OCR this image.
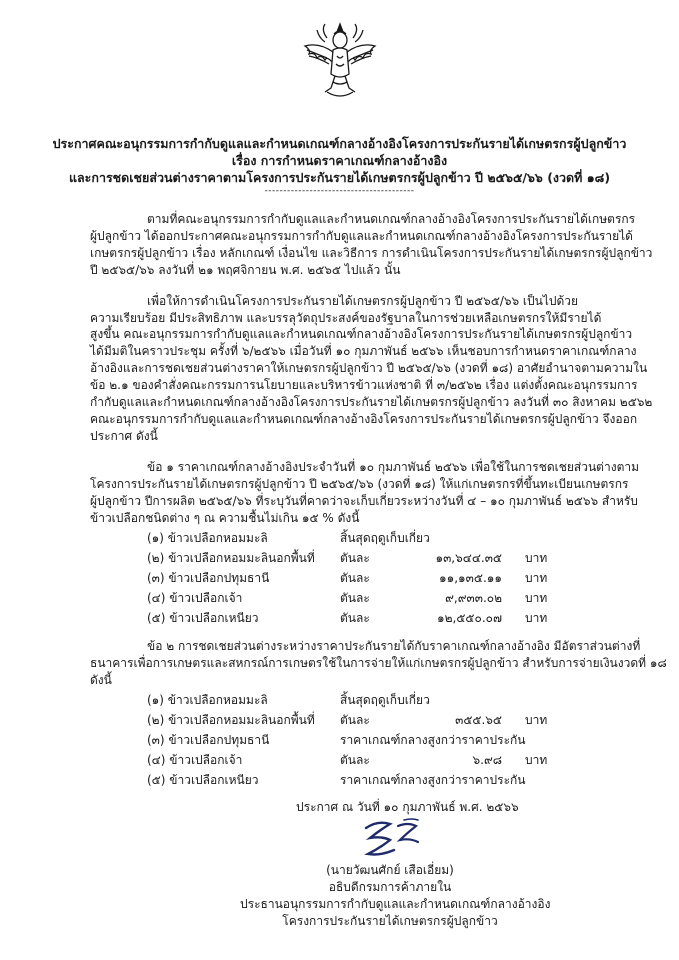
ประกาศคณะอนุกรรมการกำกับดูแลและกำหนดเกณฑ์กลางอ้างอิงโครงการประกันรายได้เกษตรกรผู้ปลูกข้าว
เรื่อง การกำหนดราคาเกณฑ์กลางอ้างอิง
และการชดเชยส่วนต่างราคาตามโครงการประกันรายได้เกษตรกรผู้ปลูกข้าว ปี ๒๕๖๕/๖๖ (งวดที่ ๑๘)
----------------------------------------
ตามที่คณะอนุกรรมการกำกับดูแลและกำหนดเกณฑ์กลางอ้างอิงโครงการประกันรายได้เกษตรกร
ผู้ปลูกข้าว ได้ออกประกาศคณะอนุกรรมการกำกับดูแลและกำหนดเกณฑ์กลางอ้างอิงโครงการประกันรายได้
เกษตรกรผู้ปลูกข้าว เรื่อง หลักเกณฑ์ เงื่อนไข และวิธีการ การดำเนินโครงการประกันรายได้เกษตรกรผู้ปลูกข้าว
ปี ๒๕๖๕/๖๖ ลงวันที่ ๒๑ พฤศจิกายน พ.ศ. ๒๕๖๕ ไปแล้ว นั้น
เพื่อให้การดำเนินโครงการประกันรายได้เกษตรกรผู้ปลูกข้าว ปี ๒๕๖๕/๖๖ เป็นไปด้วย
ความเรียบร้อย มีประสิทธิภาพ และบรรลุวัตถุประสงค์ของรัฐบาลในการช่วยเหลือเกษตรกรให้มีรายได้
สูงขึ้น คณะอนุกรรมการกำกับดูแลและกำหนดเกณฑ์กลางอ้างอิงโครงการประกันรายได้เกษตรกรผู้ปลูกข้าว
ได้มีมติในคราวประชุม ครั้งที่ ๖/๒๕๖๖ เมื่อวันที่ ๑๐ กุมภาพันธ์ ๒๕๖๖ เห็นชอบการกำหนดราคาเกณฑ์กลาง
อ้างอิงและการชดเชยส่วนต่างราคาให้เกษตรกรผู้ปลูกข้าว ปี ๒๕๖๕/๖๖ (งวดที่ ๑๘) อาศัยอำนาจตามความใน
ข้อ ๒.๑ ของคำสั่งคณะกรรมการนโยบายและบริหารข้าวแห่งชาติ ที่ ๓/๒๕๖๒ เรื่อง แต่งตั้งคณะอนุกรรมการ
กำกับดูแลและกำหนดเกณฑ์กลางอ้างอิงโครงการประกันรายได้เกษตรกรผู้ปลูกข้าว ลงวันที่ ๓๐ สิงหาคม ๒๕๖๒
คณะอนุกรรมการกำกับดูแลและกำหนดเกณฑ์กลางอ้างอิงโครงการประกันรายได้เกษตรกรผู้ปลูกข้าว จึงออก
ประกาศ ดังนี้
ข้อ ๑ ราคาเกณฑ์กลางอ้างอิงประจำวันที่ ๑๐ กุมภาพันธ์ ๒๕๖๖ เพื่อใช้ในการชดเชยส่วนต่างตาม
โครงการประกันรายได้เกษตรกรผู้ปลูกข้าว ปี ๒๕๖๕/๖๖ (งวดที่ ๑๘) ให้แก่เกษตรกรที่ขึ้นทะเบียนเกษตรกร
ผู้ปลูกข้าว ปีการผลิต ๒๕๖๕/๖๖ ที่ระบุวันที่คาดว่าจะเก็บเกี่ยวระหว่างวันที่ ๔ – ๑๐ กุมภาพันธ์ ๒๕๖๖ สำหรับ
ข้าวเปลือกชนิดต่าง ๆ ณ ความชื้นไม่เกิน ๑๕ % ดังนี้
(๑) ข้าวเปลือกหอมมะลิ	สิ้นสุดฤดูเก็บเกี่ยว
(๒) ข้าวเปลือกหอมมะลินอกพื้นที่ ตันละ	๑๓,๖๔๔.๓๕ บาท
(๓) ข้าวเปลือกปทุมธานี	ตันละ	๑๑,๑๓๕.๑๑ บาท
(๔) ข้าวเปลือกเจ้า	ตันละ	๙,๙๓๓.๐๒ บาท
(๕) ข้าวเปลือกเหนียว	ตันละ	๑๒,๕๕๐.๐๗ บาท
ข้อ ๒ การชดเชยส่วนต่างระหว่างราคาประกันรายได้กับราคาเกณฑ์กลางอ้างอิง มีอัตราส่วนต่างที่
ธนาคารเพื่อการเกษตรและสหกรณ์การเกษตรใช้ในการจ่ายให้แก่เกษตรกรผู้ปลูกข้าว สำหรับการจ่ายเงินงวดที่ ๑๘
ดังนี้
(๑) ข้าวเปลือกหอมมะลิ	สิ้นสุดฤดูเก็บเกี่ยว
(๒) ข้าวเปลือกหอมมะลินอกพื้นที่ ตันละ	๓๕๕.๖๕ บาท
(๓) ข้าวเปลือกปทุมธานี	ราคาเกณฑ์กลางสูงกว่าราคาประกัน
(๔) ข้าวเปลือกเจ้า	ตันละ	๖.๙๘ บาท
(๕) ข้าวเปลือกเหนียว	ราคาเกณฑ์กลางสูงกว่าราคาประกัน
ประกาศ ณ วันที่ ๑๐ กุมภาพันธ์ พ.ศ. ๒๕๖๖
(นายวัฒนศักย์ เสือเอี่ยม)
อธิบดีกรมการค้าภายใน
ประธานอนุกรรมการกำกับดูแลและกำหนดเกณฑ์กลางอ้างอิง
โครงการประกันรายได้เกษตรกรผู้ปลูกข้าว
